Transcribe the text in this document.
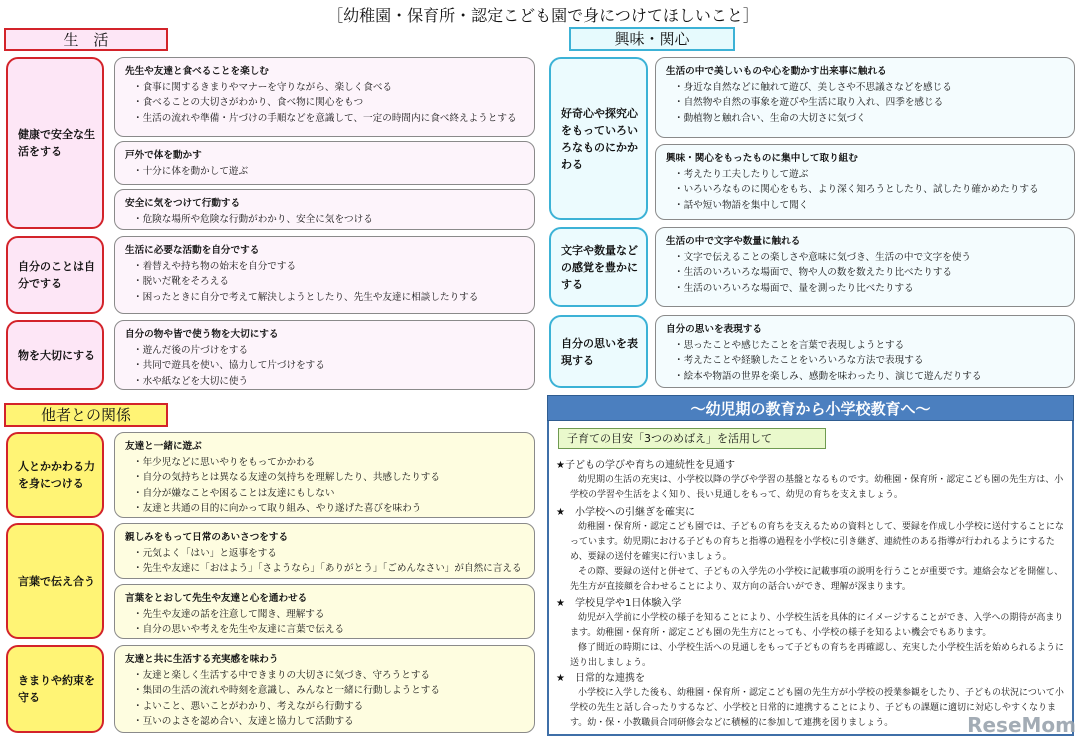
［幼稚園・保育所・認定こども園で身につけてほしいこと］
～幼児期の教育から小学校教育へ～
子育ての目安「3つのめばえ」を活用して
ReseMom
生　活
健康で安全な生活をする
先生や友達と食べることを楽しむ
・食事に関するきまりやマナーを守りながら、楽しく食べる
・食べることの大切さがわかり、食べ物に関心をもつ
・生活の流れや準備・片づけの手順などを意識して、一定の時間内に食べ終えようとする
戸外で体を動かす
・十分に体を動かして遊ぶ
安全に気をつけて行動する
・危険な場所や危険な行動がわかり、安全に気をつける
自分のことは自分でする
生活に必要な活動を自分でする
・着替えや持ち物の始末を自分でする
・脱いだ靴をそろえる
・困ったときに自分で考えて解決しようとしたり、先生や友達に相談したりする
物を大切にする
自分の物や皆で使う物を大切にする
・遊んだ後の片づけをする
・共同で遊具を使い、協力して片づけをする
・水や紙などを大切に使う
他者との関係
人とかかわる力を身につける
友達と一緒に遊ぶ
・年少児などに思いやりをもってかかわる
・自分の気持ちとは異なる友達の気持ちを理解したり、共感したりする
・自分が嫌なことや困ることは友達にもしない
・友達と共通の目的に向かって取り組み、やり遂げた喜びを味わう
言葉で伝え合う
親しみをもって日常のあいさつをする
・元気よく「はい」と返事をする
・先生や友達に「おはよう」「さようなら」「ありがとう」「ごめんなさい」が自然に言える
言葉をとおして先生や友達と心を通わせる
・先生や友達の話を注意して聞き、理解する
・自分の思いや考えを先生や友達に言葉で伝える
きまりや約束を守る
友達と共に生活する充実感を味わう
・友達と楽しく生活する中できまりの大切さに気づき、守ろうとする
・集団の生活の流れや時刻を意識し、みんなと一緒に行動しようとする
・よいこと、悪いことがわかり、考えながら行動する
・互いのよさを認め合い、友達と協力して活動する
興味・関心
好奇心や探究心をもっていろいろなものにかかわる
生活の中で美しいものや心を動かす出来事に触れる
・身近な自然などに触れて遊び、美しさや不思議さなどを感じる
・自然物や自然の事象を遊びや生活に取り入れ、四季を感じる
・動植物と触れ合い、生命の大切さに気づく
興味・関心をもったものに集中して取り組む
・考えたり工夫したりして遊ぶ
・いろいろなものに関心をもち、より深く知ろうとしたり、試したり確かめたりする
・話や短い物語を集中して聞く
文字や数量などの感覚を豊かにする
生活の中で文字や数量に触れる
・文字で伝えることの楽しさや意味に気づき、生活の中で文字を使う
・生活のいろいろな場面で、物や人の数を数えたり比べたりする
・生活のいろいろな場面で、量を測ったり比べたりする
自分の思いを表現する
自分の思いを表現する
・思ったことや感じたことを言葉で表現しようとする
・考えたことや経験したことをいろいろな方法で表現する
・絵本や物語の世界を楽しみ、感動を味わったり、演じて遊んだりする
★子どもの学びや育ちの連続性を見通す
幼児期の生活の充実は、小学校以降の学びや学習の基盤となるものです。幼稚園・保育所・認定こども園の先生方は、小学校の学習や生活をよく知り、長い見通しをもって、幼児の育ちを支えましょう。
★　小学校への引継ぎを確実に
幼稚園・保育所・認定こども園では、子どもの育ちを支えるための資料として、要録を作成し小学校に送付することになっています。幼児期における子どもの育ちと指導の過程を小学校に引き継ぎ、連続性のある指導が行われるようにするため、要録の送付を確実に行いましょう。
その際、要録の送付と併せて、子どもの入学先の小学校に記載事項の説明を行うことが重要です。連絡会などを開催し、先生方が直接顔を合わせることにより、双方向の話合いができ、理解が深まります。
★　学校見学や1日体験入学
幼児が入学前に小学校の様子を知ることにより、小学校生活を具体的にイメージすることができ、入学への期待が高まります。幼稚園・保育所・認定こども園の先生方にとっても、小学校の様子を知るよい機会でもあります。
修了間近の時期には、小学校生活への見通しをもって子どもの育ちを再確認し、充実した小学校生活を始められるように送り出しましょう。
★　日常的な連携を
小学校に入学した後も、幼稚園・保育所・認定こども園の先生方が小学校の授業参観をしたり、子どもの状況について小学校の先生と話し合ったりするなど、小学校と日常的に連携することにより、子どもの課題に適切に対応しやすくなります。幼・保・小教職員合同研修会などに積極的に参加して連携を図りましょう。
